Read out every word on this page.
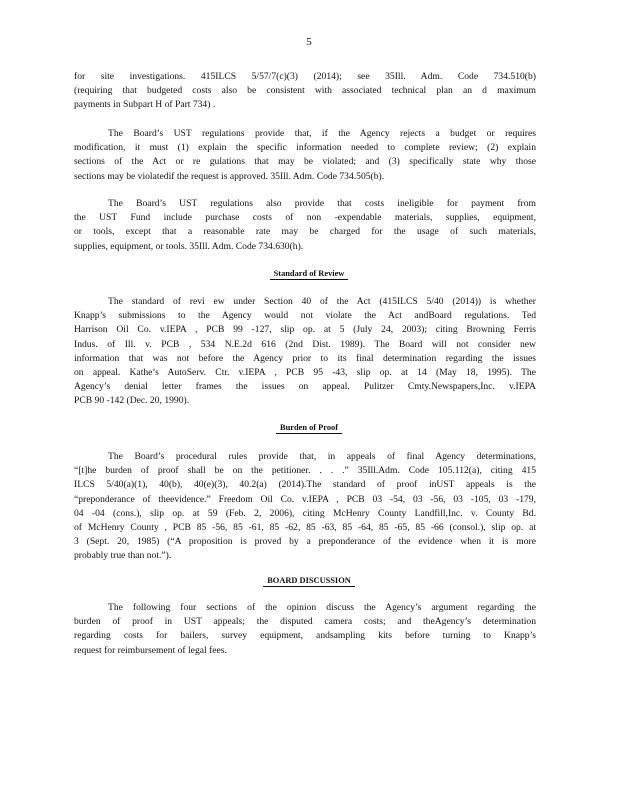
5
for site investigations. 415ILCS 5/57/7(c)(3) (2014); see 35Ill. Adm. Code 734.510(b)
(requiring that budgeted costs also be consistent with associated technical plan an d maximum
payments in Subpart H of Part 734) .
The Board’s UST regulations provide that, if the Agency rejects a budget or requires
modification, it must (1) explain the specific information needed to complete review; (2) explain
sections of the Act or re gulations that may be violated; and (3) specifically state why those
sections may be violatedif the request is approved. 35Ill. Adm. Code 734.505(b).
The Board’s UST regulations also provide that costs ineligible for payment from
the UST Fund include purchase costs of non -expendable materials, supplies, equipment,
or tools, except that a reasonable rate may be charged for the usage of such materials,
supplies, equipment, or tools. 35Ill. Adm. Code 734.630(h).
Standard of Review
The standard of revi ew under Section 40 of the Act (415ILCS 5/40 (2014)) is whether
Knapp’s submissions to the Agency would not violate the Act andBoard regulations. Ted
Harrison Oil Co. v.IEPA , PCB 99 -127, slip op. at 5 (July 24, 2003); citing Browning Ferris
Indus. of Ill. v. PCB , 534 N.E.2d 616 (2nd Dist. 1989). The Board will not consider new
information that was not before the Agency prior to its final determination regarding the issues
on appeal. Kathe’s AutoServ. Ctr. v.IEPA , PCB 95 -43, slip op. at 14 (May 18, 1995). The
Agency’s denial letter frames the issues on appeal. Pulitzer Cmty.Newspapers,Inc. v.IEPA
PCB 90 -142 (Dec. 20, 1990).
Burden of Proof
The Board’s procedural rules provide that, in appeals of final Agency determinations,
“[t]he burden of proof shall be on the petitioner. . . .” 35Ill.Adm. Code 105.112(a), citing 415
ILCS 5/40(a)(1), 40(b), 40(e)(3), 40.2(a) (2014).The standard of proof inUST appeals is the
“preponderance of theevidence.” Freedom Oil Co. v.IEPA , PCB 03 -54, 03 -56, 03 -105, 03 -179,
04 -04 (cons.), slip op. at 59 (Feb. 2, 2006), citing McHenry County Landfill,Inc. v. County Bd.
of McHenry County , PCB 85 -56, 85 -61, 85 -62, 85 -63, 85 -64, 85 -65, 85 -66 (consol.), slip op. at
3 (Sept. 20, 1985) (“A proposition is proved by a preponderance of the evidence when it is more
probably true than not.”).
BOARD DISCUSSION
The following four sections of the opinion discuss the Agency’s argument regarding the
burden of proof in UST appeals; the disputed camera costs; and theAgency’s determination
regarding costs for bailers, survey equipment, andsampling kits before turning to Knapp’s
request for reimbursement of legal fees.
